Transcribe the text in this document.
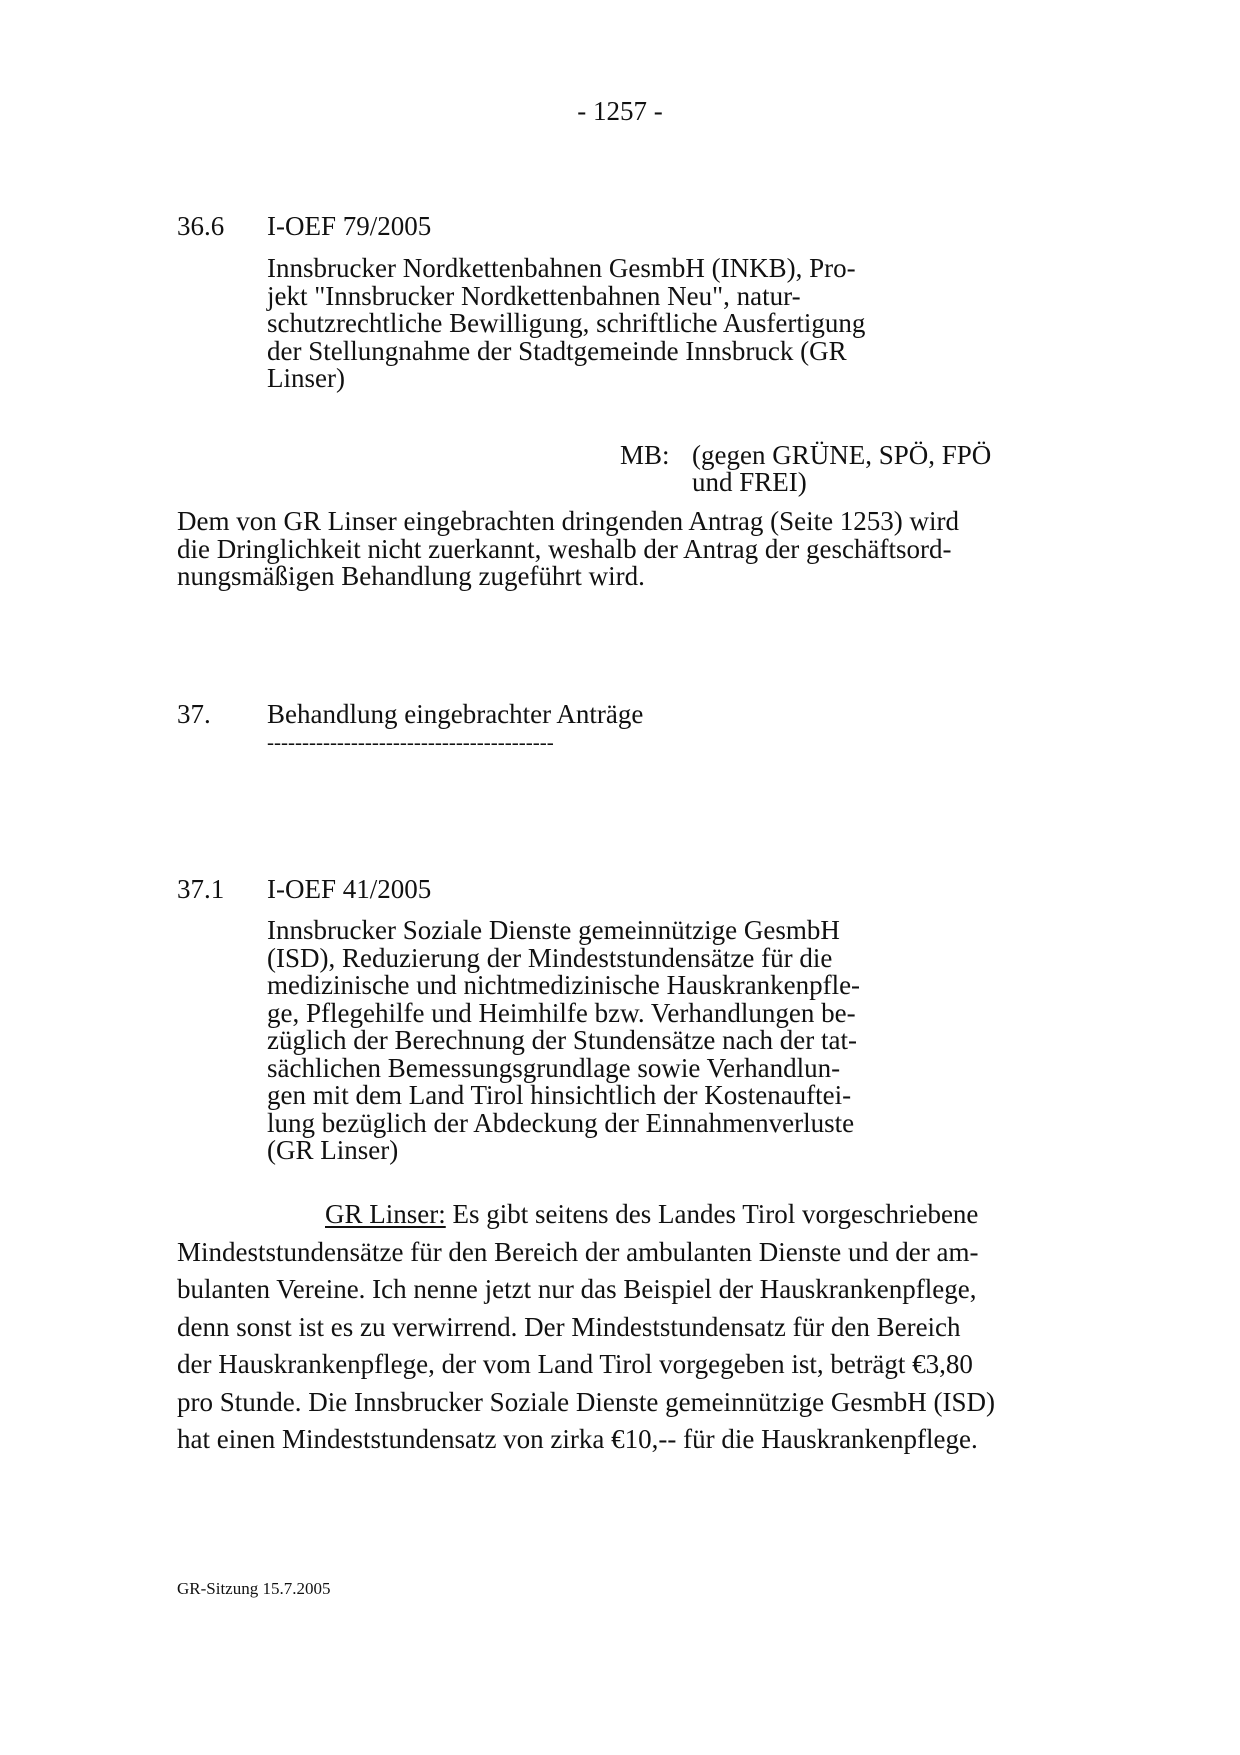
- 1257 -
36.6 I-OEF 79/2005
Innsbrucker Nordkettenbahnen GesmbH (INKB), Pro-
jekt "Innsbrucker Nordkettenbahnen Neu", natur-
schutzrechtliche Bewilligung, schriftliche Ausfertigung
der Stellungnahme der Stadtgemeinde Innsbruck (GR
Linser)
MB: (gegen GRÜNE, SPÖ, FPÖ
und FREI)
Dem von GR Linser eingebrachten dringenden Antrag (Seite 1253) wird
die Dringlichkeit nicht zuerkannt, weshalb der Antrag der geschäftsord-
nungsmäßigen Behandlung zugeführt wird.
37. Behandlung eingebrachter Anträge
-----------------------------------------
37.1 I-OEF 41/2005
Innsbrucker Soziale Dienste gemeinnützige GesmbH
(ISD), Reduzierung der Mindeststundensätze für die
medizinische und nichtmedizinische Hauskrankenpfle-
ge, Pflegehilfe und Heimhilfe bzw. Verhandlungen be-
züglich der Berechnung der Stundensätze nach der tat-
sächlichen Bemessungsgrundlage sowie Verhandlun-
gen mit dem Land Tirol hinsichtlich der Kostenauftei-
lung bezüglich der Abdeckung der Einnahmenverluste
(GR Linser)
GR Linser: Es gibt seitens des Landes Tirol vorgeschriebene
Mindeststundensätze für den Bereich der ambulanten Dienste und der am-
bulanten Vereine. Ich nenne jetzt nur das Beispiel der Hauskrankenpflege,
denn sonst ist es zu verwirrend. Der Mindeststundensatz für den Bereich
der Hauskrankenpflege, der vom Land Tirol vorgegeben ist, beträgt €3,80
pro Stunde. Die Innsbrucker Soziale Dienste gemeinnützige GesmbH (ISD)
hat einen Mindeststundensatz von zirka €10,-- für die Hauskrankenpflege.
GR-Sitzung 15.7.2005
